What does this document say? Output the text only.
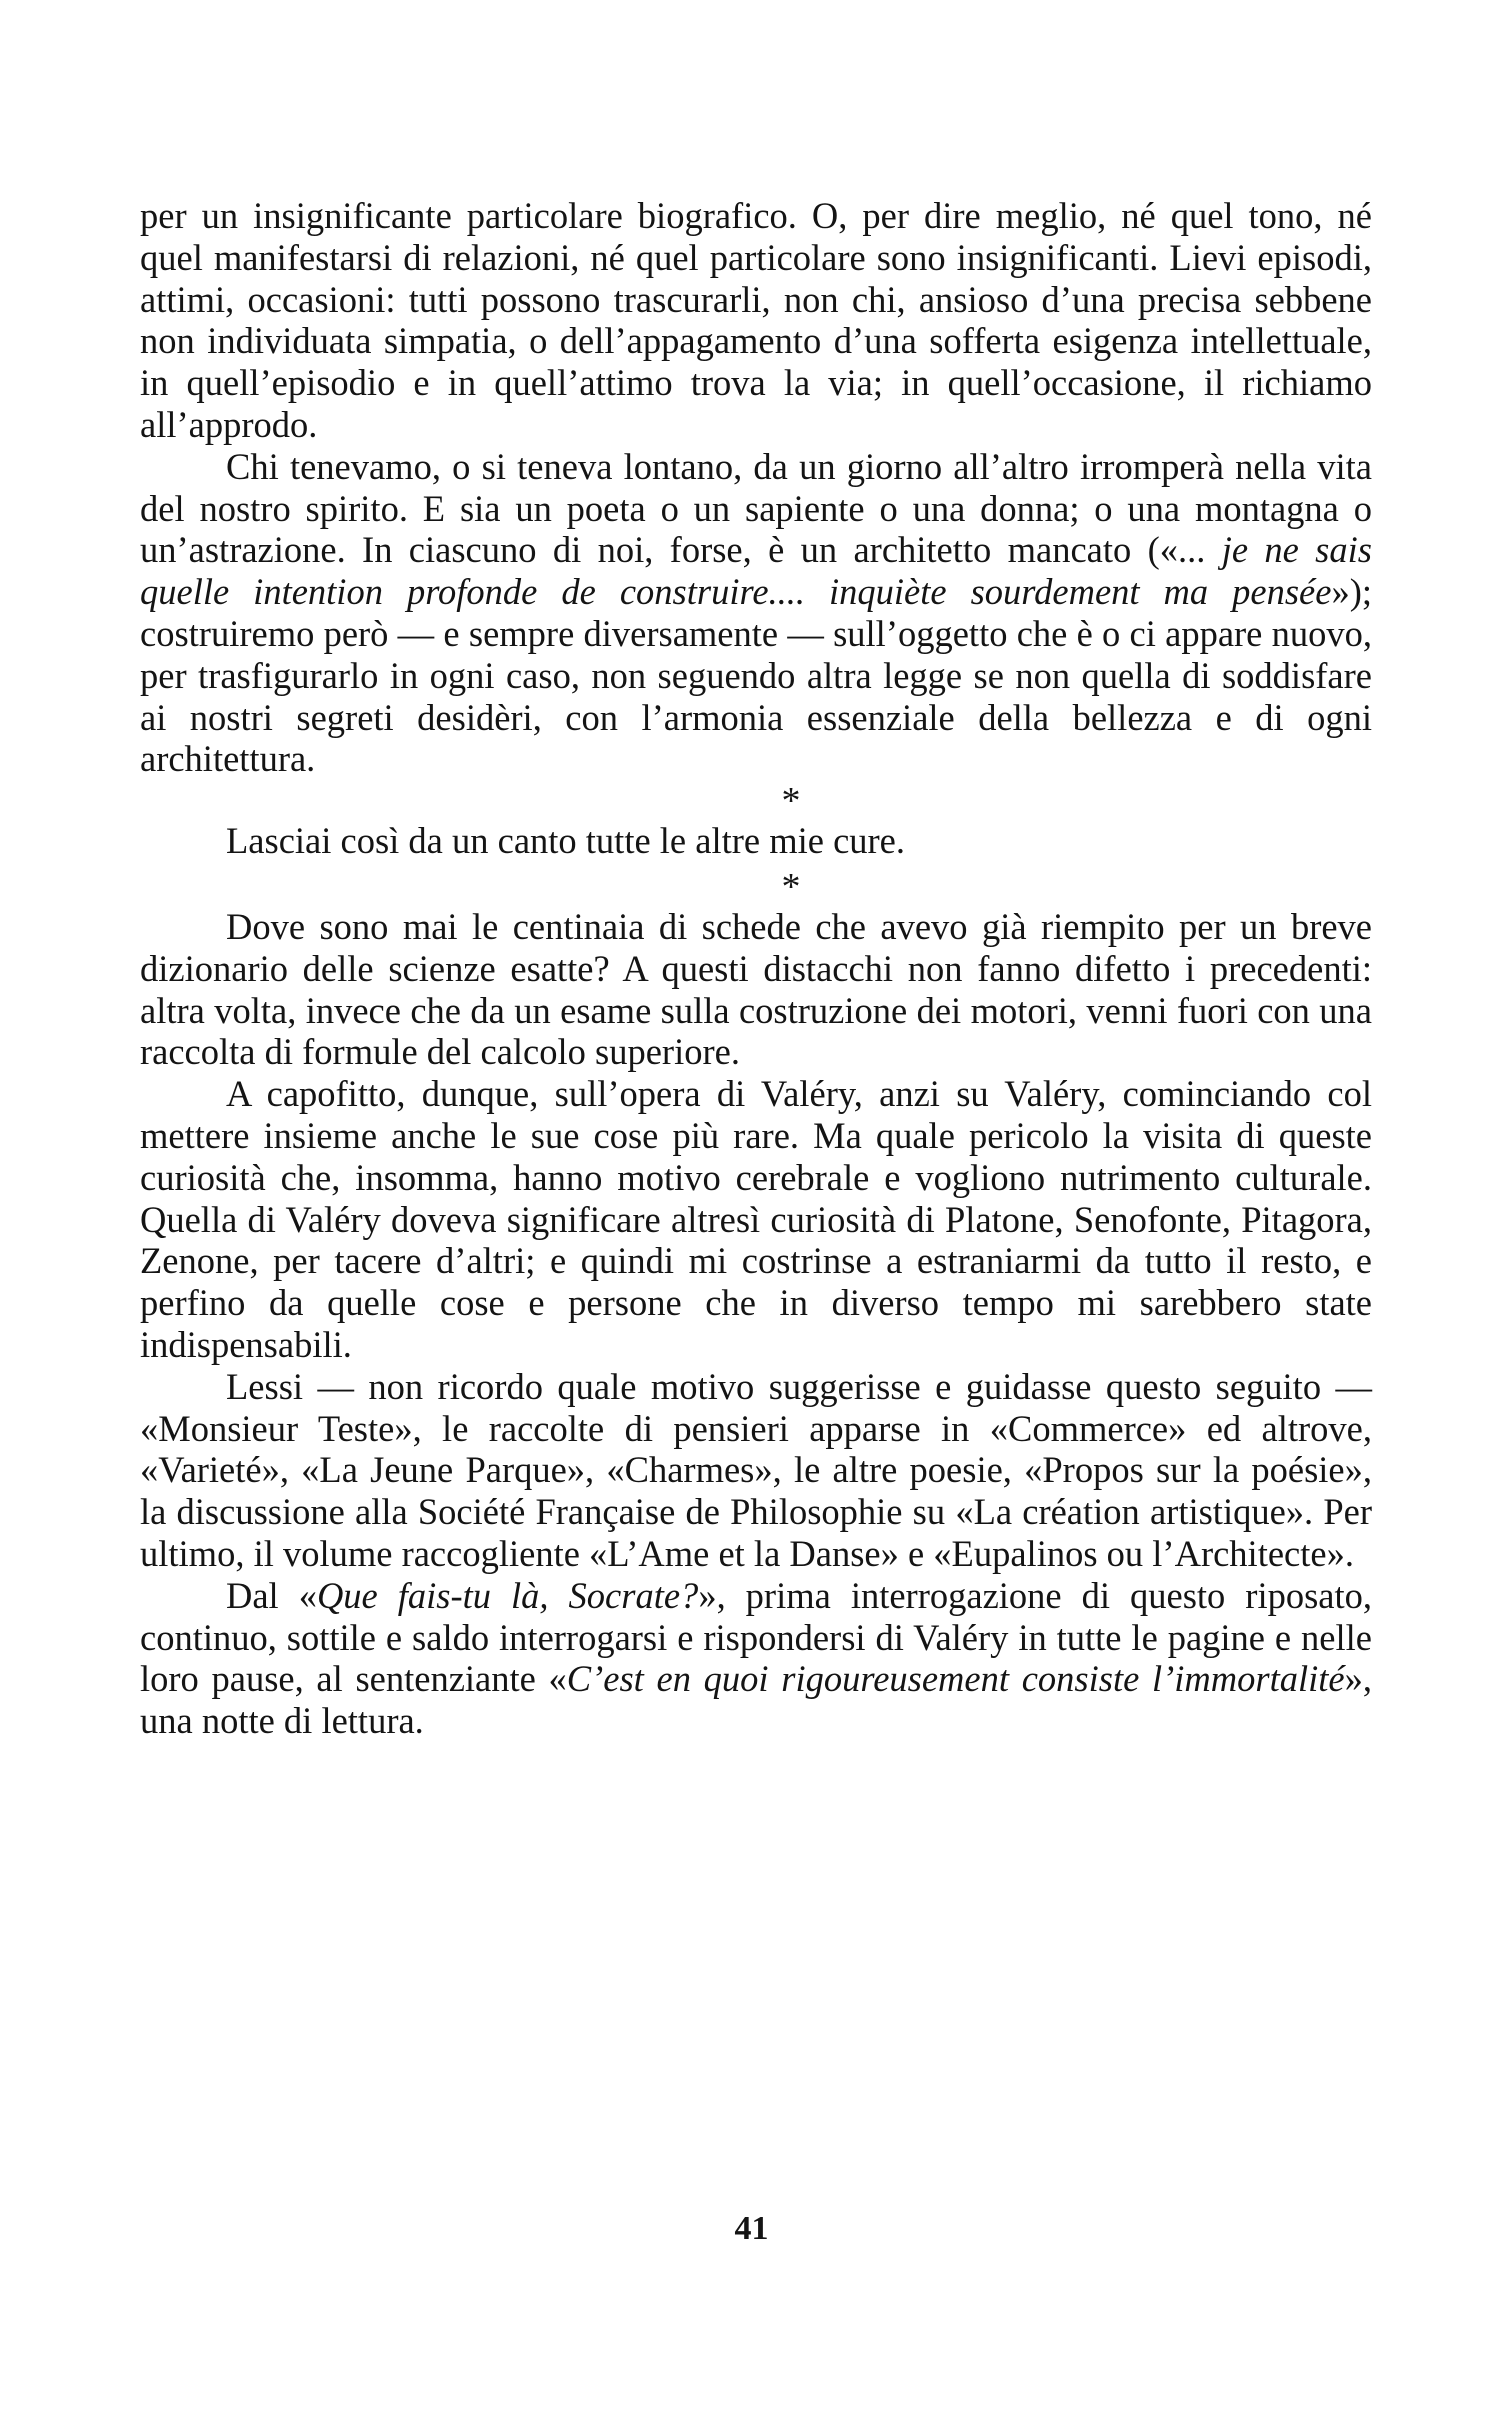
per un insignificante particolare biografico. O, per dire meglio, né quel tono, né quel manifestarsi di relazioni, né quel particolare sono insignificanti. Lievi episodi, attimi, occasioni: tutti possono trascurarli, non chi, ansioso d’una precisa sebbene non individuata simpatia, o dell’appagamento d’una sofferta esigenza intellettuale, in quell’episodio e in quell’attimo trova la via; in quell’occasione, il richiamo all’approdo.

Chi tenevamo, o si teneva lontano, da un giorno all’altro irromperà nella vita del nostro spirito. E sia un poeta o un sapiente o una donna; o una montagna o un’astrazione. In ciascuno di noi, forse, è un architetto mancato («... je ne sais quelle intention profonde de construire.... inquiète sourdement ma pensée»); costruiremo però — e sempre diversamente — sull’oggetto che è o ci appare nuovo, per trasfigurarlo in ogni caso, non seguendo altra legge se non quella di soddisfare ai nostri segreti desidèri, con l’armonia essenziale della bellezza e di ogni architettura.

*

Lasciai così da un canto tutte le altre mie cure.

*

Dove sono mai le centinaia di schede che avevo già riempito per un breve dizionario delle scienze esatte? A questi distacchi non fanno difetto i precedenti: altra volta, invece che da un esame sulla costruzione dei motori, venni fuori con una raccolta di formule del calcolo superiore.

A capofitto, dunque, sull’opera di Valéry, anzi su Valéry, cominciando col mettere insieme anche le sue cose più rare. Ma quale pericolo la visita di queste curiosità che, insomma, hanno motivo cerebrale e vogliono nutrimento culturale. Quella di Valéry doveva significare altresì curiosità di Platone, Senofonte, Pitagora, Zenone, per tacere d’altri; e quindi mi costrinse a estraniarmi da tutto il resto, e perfino da quelle cose e persone che in diverso tempo mi sarebbero state indispensabili.

Lessi — non ricordo quale motivo suggerisse e guidasse questo seguito — «Monsieur Teste», le raccolte di pensieri apparse in «Commerce» ed altrove, «Varieté», «La Jeune Parque», «Charmes», le altre poesie, «Propos sur la poésie», la discussione alla Société Française de Philosophie su «La création artistique». Per ultimo, il volume raccogliente «L’Ame et la Danse» e «Eupalinos ou l’Architecte».

Dal «Que fais-tu là, Socrate?», prima interrogazione di questo riposato, continuo, sottile e saldo interrogarsi e rispondersi di Valéry in tutte le pagine e nelle loro pause, al sentenziante «C’est en quoi rigoureusement consiste l’immortalité», una notte di lettura.

41
